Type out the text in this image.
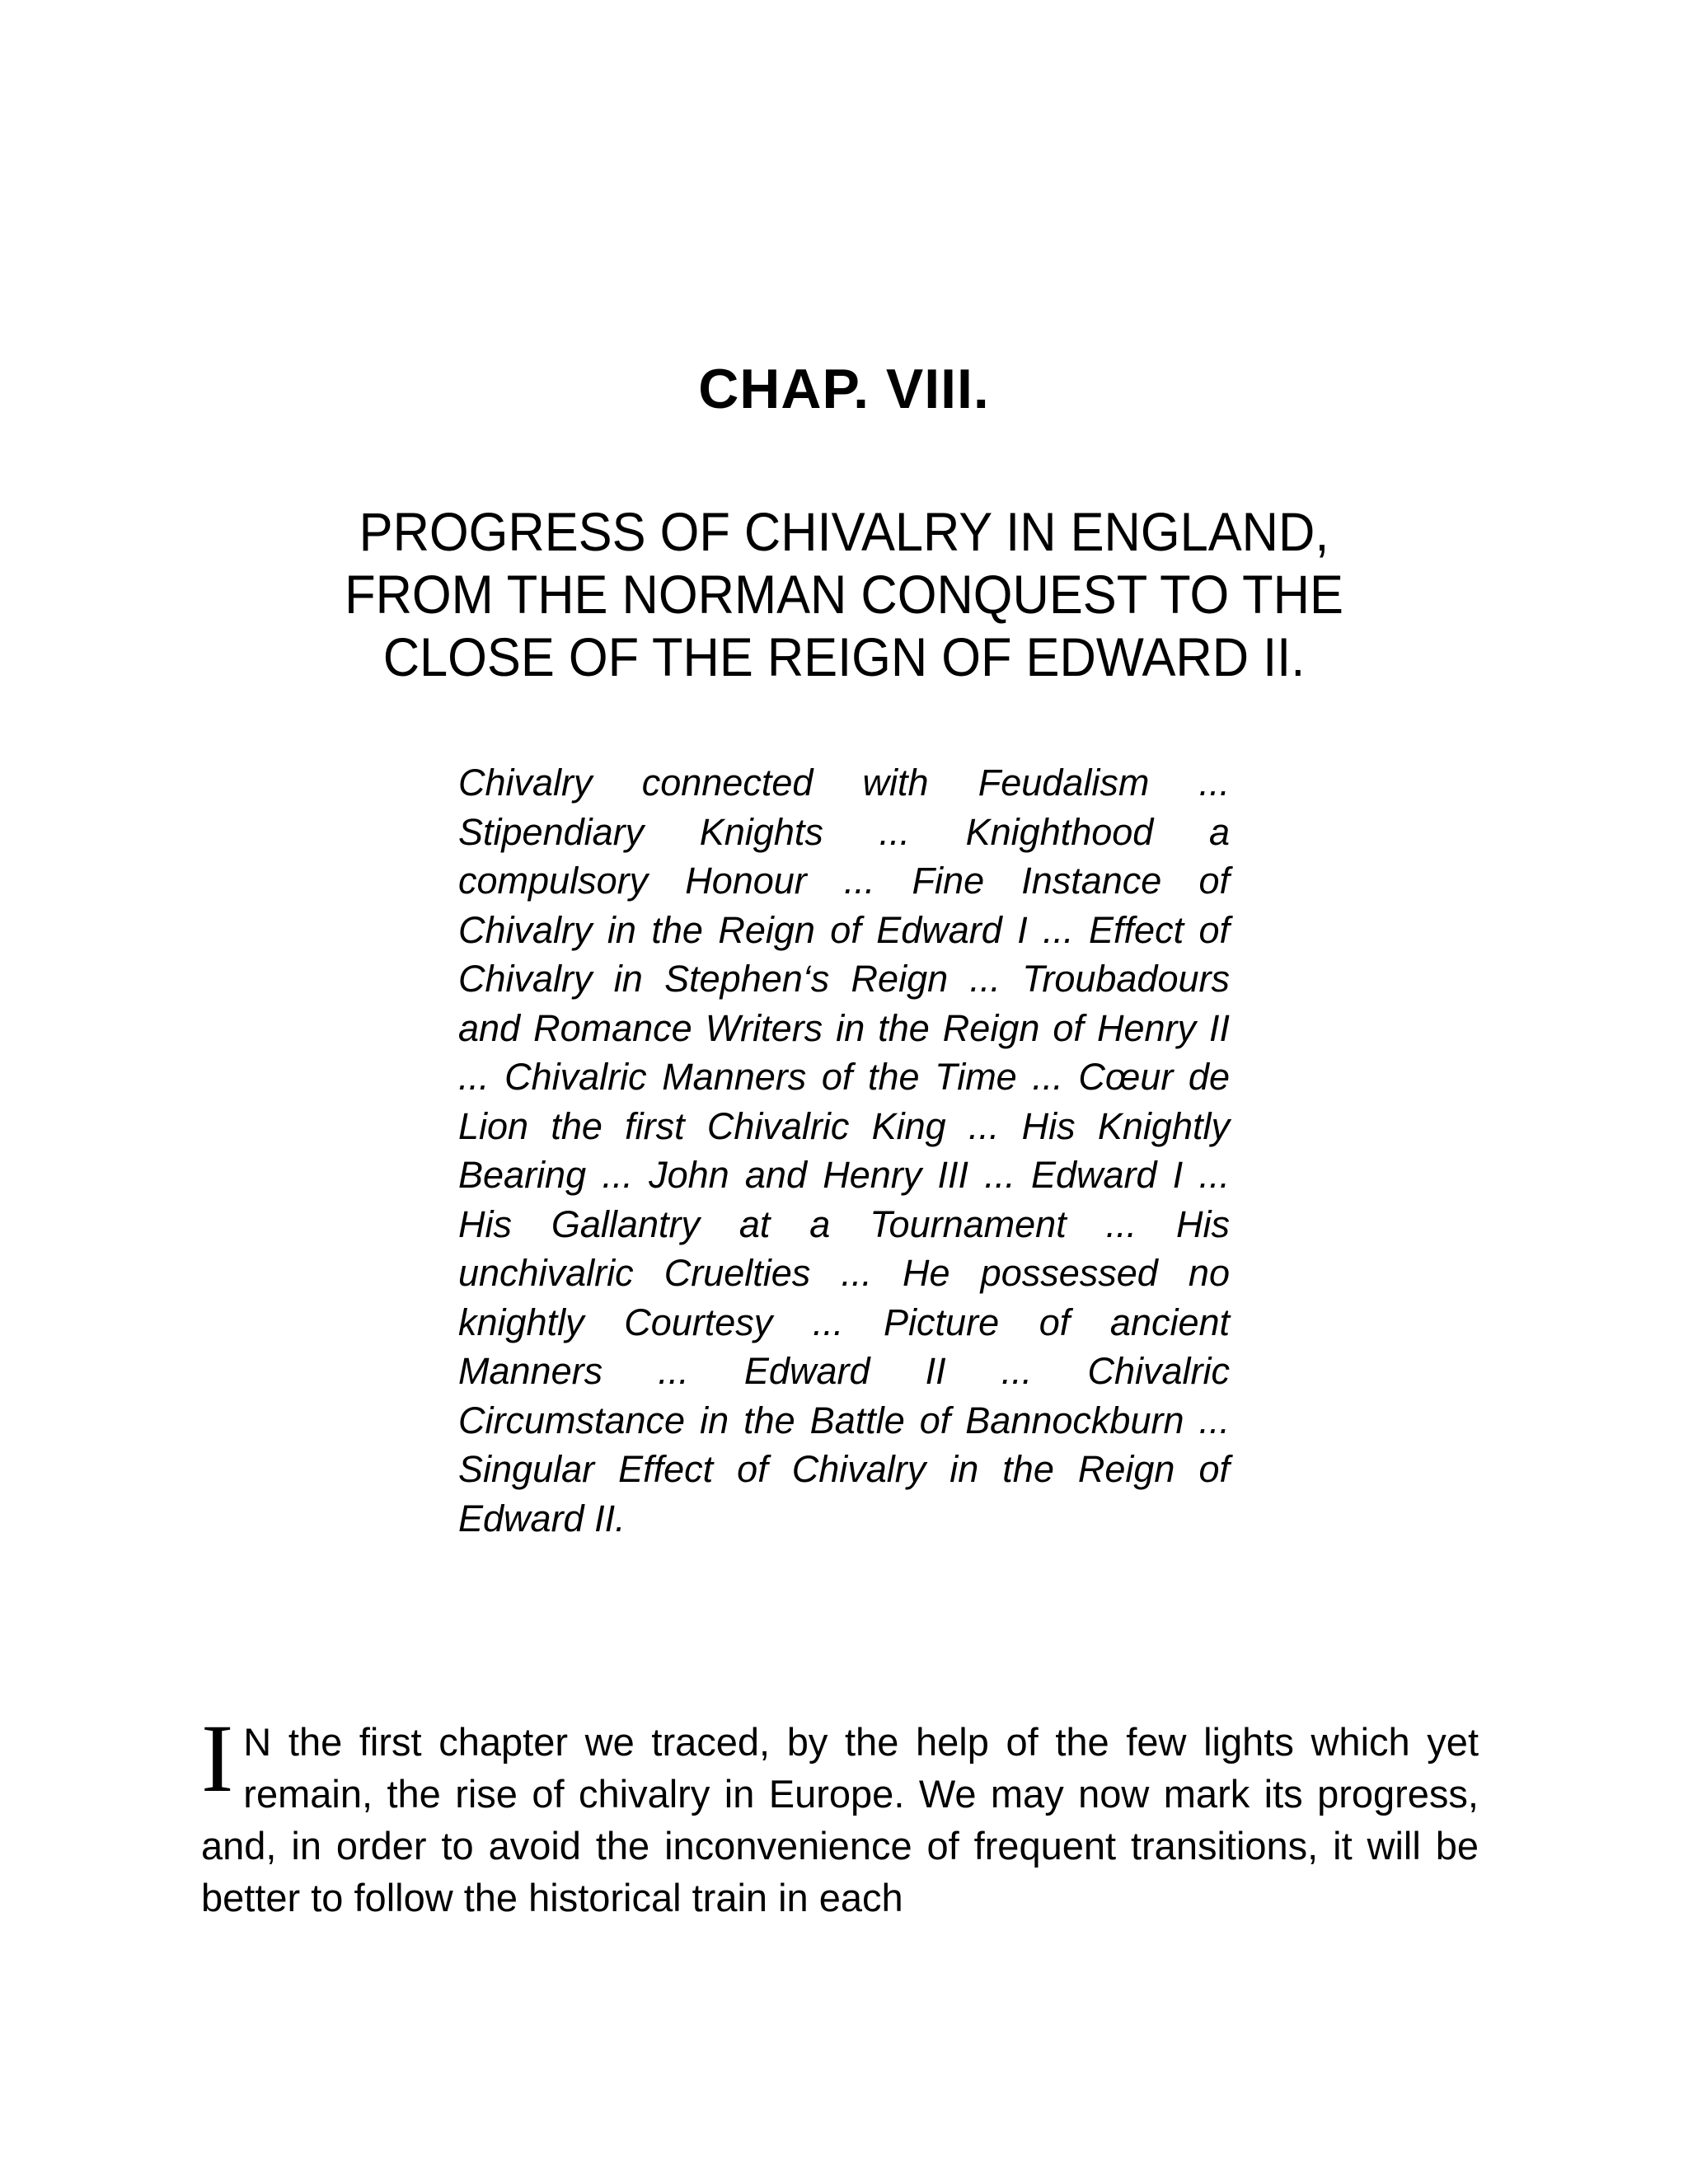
CHAP. VIII.
PROGRESS OF CHIVALRY IN ENGLAND,
FROM THE NORMAN CONQUEST TO THE
CLOSE OF THE REIGN OF EDWARD II.
Chivalry connected with Feudalism ... Stipendiary Knights ... Knighthood a compulsory Honour ... Fine Instance of Chivalry in the Reign of Edward I ... Effect of Chivalry in Stephen‘s Reign ... Troubadours and Romance Writers in the Reign of Henry II ... Chivalric Manners of the Time ... Cœur de Lion the first Chivalric King ... His Knightly Bearing ... John and Henry III ... Edward I ... His Gallantry at a Tournament ... His unchivalric Cruelties ... He possessed no knightly Courtesy ... Picture of ancient Manners ... Edward II ... Chivalric Circumstance in the Battle of Bannockburn ... Singular Effect of Chivalry in the Reign of Edward II.
I N the first chapter we traced, by the help of the few lights which yet remain, the rise of chivalry in Europe. We may now mark its progress, and, in order to avoid the inconvenience of frequent transitions, it will be better to follow the historical train in each
